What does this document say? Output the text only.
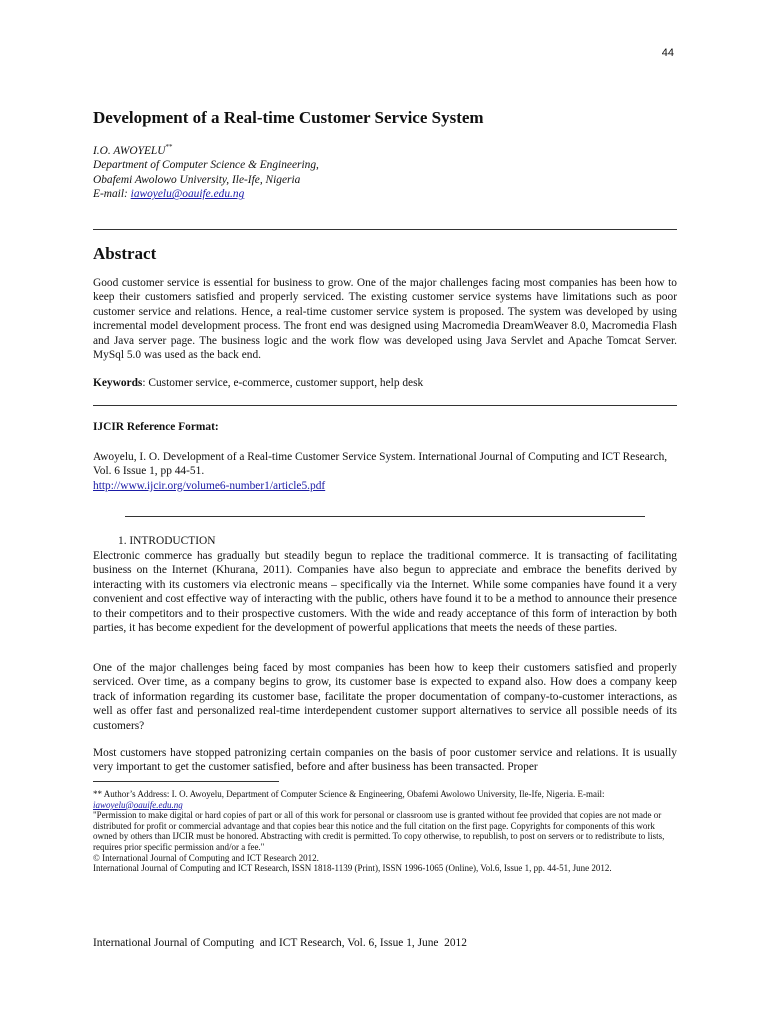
44
Development of a Real-time Customer Service System
I.O. AWOYELU**
Department of Computer Science & Engineering,
Obafemi Awolowo University, Ile-Ife, Nigeria
E-mail: iawoyelu@oauife.edu.ng
Abstract

Good customer service is essential for business to grow. One of the major challenges facing most companies has been how to keep their customers satisfied and properly serviced. The existing customer service systems have limitations such as poor customer service and relations. Hence, a real-time customer service system is proposed. The system was developed by using incremental model development process. The front end was designed using Macromedia DreamWeaver 8.0, Macromedia Flash and Java server page. The business logic and the work flow was developed using Java Servlet and Apache Tomcat Server. MySql 5.0 was used as the back end.

Keywords: Customer service, e-commerce, customer support, help desk
IJCIR Reference Format:

Awoyelu, I. O. Development of a Real-time Customer Service System. International Journal of Computing and ICT Research, Vol. 6 Issue 1, pp 44-51.

http://www.ijcir.org/volume6-number1/article5.pdf

1. INTRODUCTION

Electronic commerce has gradually but steadily begun to replace the traditional commerce. It is transacting of facilitating business on the Internet (Khurana, 2011). Companies have also begun to appreciate and embrace the benefits derived by interacting with its customers via electronic means – specifically via the Internet. While some companies have found it a very convenient and cost effective way of interacting with the public, others have found it to be a method to announce their presence to their competitors and to their prospective customers. With the wide and ready acceptance of this form of interaction by both parties, it has become expedient for the development of powerful applications that meets the needs of these parties.

One of the major challenges being faced by most companies has been how to keep their customers satisfied and properly serviced. Over time, as a company begins to grow, its customer base is expected to expand also. How does a company keep track of information regarding its customer base, facilitate the proper documentation of company-to-customer interactions, as well as offer fast and personalized real-time interdependent customer support alternatives to service all possible needs of its customers?

Most customers have stopped patronizing certain companies on the basis of poor customer service and relations. It is usually very important to get the customer satisfied, before and after business has been transacted. Proper

** Author’s Address: I. O. Awoyelu, Department of Computer Science & Engineering, Obafemi Awolowo University, Ile-Ife, Nigeria. E-mail: iawoyelu@oauife.edu.ng

"Permission to make digital or hard copies of part or all of this work for personal or classroom use is granted without fee provided that copies are not made or distributed for profit or commercial advantage and that copies bear this notice and the full citation on the first page. Copyrights for components of this work owned by others than IJCIR must be honored. Abstracting with credit is permitted. To copy otherwise, to republish, to post on servers or to redistribute to lists, requires prior specific permission and/or a fee."

© International Journal of Computing and ICT Research 2012.

International Journal of Computing and ICT Research, ISSN 1818-1139 (Print), ISSN 1996-1065 (Online), Vol.6, Issue 1, pp. 44-51, June 2012.

International Journal of Computing  and ICT Research, Vol. 6, Issue 1, June  2012
